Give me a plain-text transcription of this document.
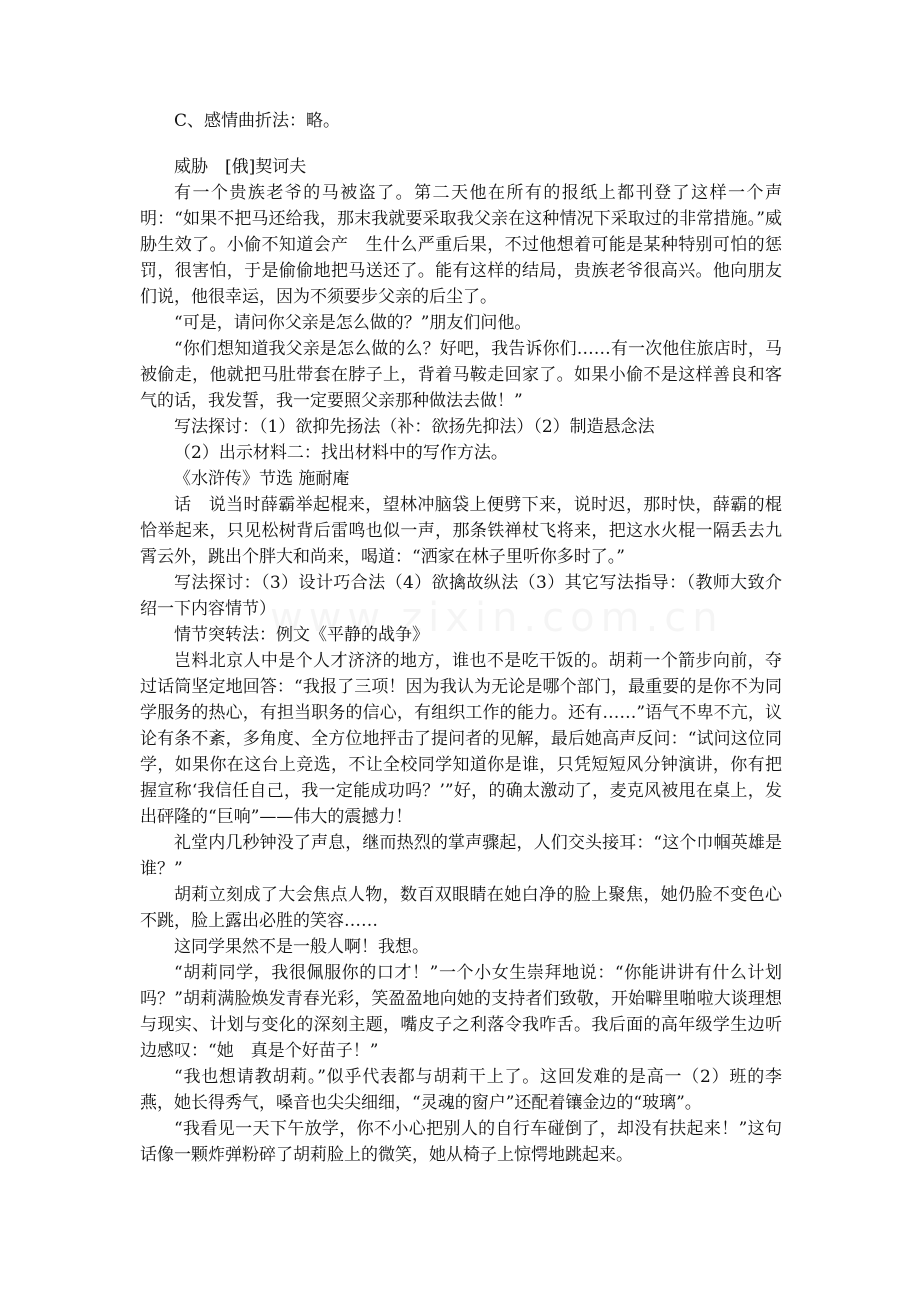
C、感情曲折法：略。

威胁　[俄]契诃夫

有一个贵族老爷的马被盗了。第二天他在所有的报纸上都刊登了这样一个声明：“如果不把马还给我，那末我就要采取我父亲在这种情况下采取过的非常措施。”威胁生效了。小偷不知道会产　生什么严重后果，不过他想着可能是某种特别可怕的惩罚，很害怕，于是偷偷地把马送还了。能有这样的结局，贵族老爷很高兴。他向朋友们说，他很幸运，因为不须要步父亲的后尘了。

“可是，请问你父亲是怎么做的？”朋友们问他。

“你们想知道我父亲是怎么做的么？好吧，我告诉你们……有一次他住旅店时，马被偷走，他就把马肚带套在脖子上，背着马鞍走回家了。如果小偷不是这样善良和客气的话，我发誓，我一定要照父亲那种做法去做！”

写法探讨：（1）欲抑先扬法（补：欲扬先抑法）（2）制造悬念法

（2）出示材料二：找出材料中的写作方法。

《水浒传》节选 施耐庵

话　说当时薛霸举起棍来，望林冲脑袋上便劈下来，说时迟，那时快，薛霸的棍恰举起来，只见松树背后雷鸣也似一声，那条铁禅杖飞将来，把这水火棍一隔丢去九霄云外，跳出个胖大和尚来，喝道：“洒家在林子里听你多时了。”

写法探讨：（3）设计巧合法（4）欲擒故纵法（3）其它写法指导：（教师大致介绍一下内容情节）

情节突转法：例文《平静的战争》

岂料北京人中是个人才济济的地方，谁也不是吃干饭的。胡莉一个箭步向前，夺过话筒坚定地回答：“我报了三项！因为我认为无论是哪个部门，最重要的是你不为同学服务的热心，有担当职务的信心，有组织工作的能力。还有……”语气不卑不亢，议论有条不紊，多角度、全方位地抨击了提问者的见解，最后她高声反问：“试问这位同学，如果你在这台上竞选，不让全校同学知道你是谁，只凭短短风分钟演讲，你有把握宣称‘我信任自己，我一定能成功吗？’”好，的确太激动了，麦克风被甩在桌上，发出砰隆的“巨响”——伟大的震撼力！

礼堂内几秒钟没了声息，继而热烈的掌声骤起，人们交头接耳：“这个巾帼英雄是谁？”

胡莉立刻成了大会焦点人物，数百双眼睛在她白净的脸上聚焦，她仍脸不变色心不跳，脸上露出必胜的笑容……

这同学果然不是一般人啊！我想。

“胡莉同学，我很佩服你的口才！”一个小女生崇拜地说：“你能讲讲有什么计划吗？”胡莉满脸焕发青春光彩，笑盈盈地向她的支持者们致敬，开始噼里啪啦大谈理想与现实、计划与变化的深刻主题，嘴皮子之利落令我咋舌。我后面的高年级学生边听边感叹：“她　真是个好苗子！”

“我也想请教胡莉。”似乎代表都与胡莉干上了。这回发难的是高一（2）班的李燕，她长得秀气，嗓音也尖尖细细，“灵魂的窗户”还配着镶金边的“玻璃”。

“我看见一天下午放学，你不小心把别人的自行车碰倒了，却没有扶起来！”这句话像一颗炸弹粉碎了胡莉脸上的微笑，她从椅子上惊愕地跳起来。
